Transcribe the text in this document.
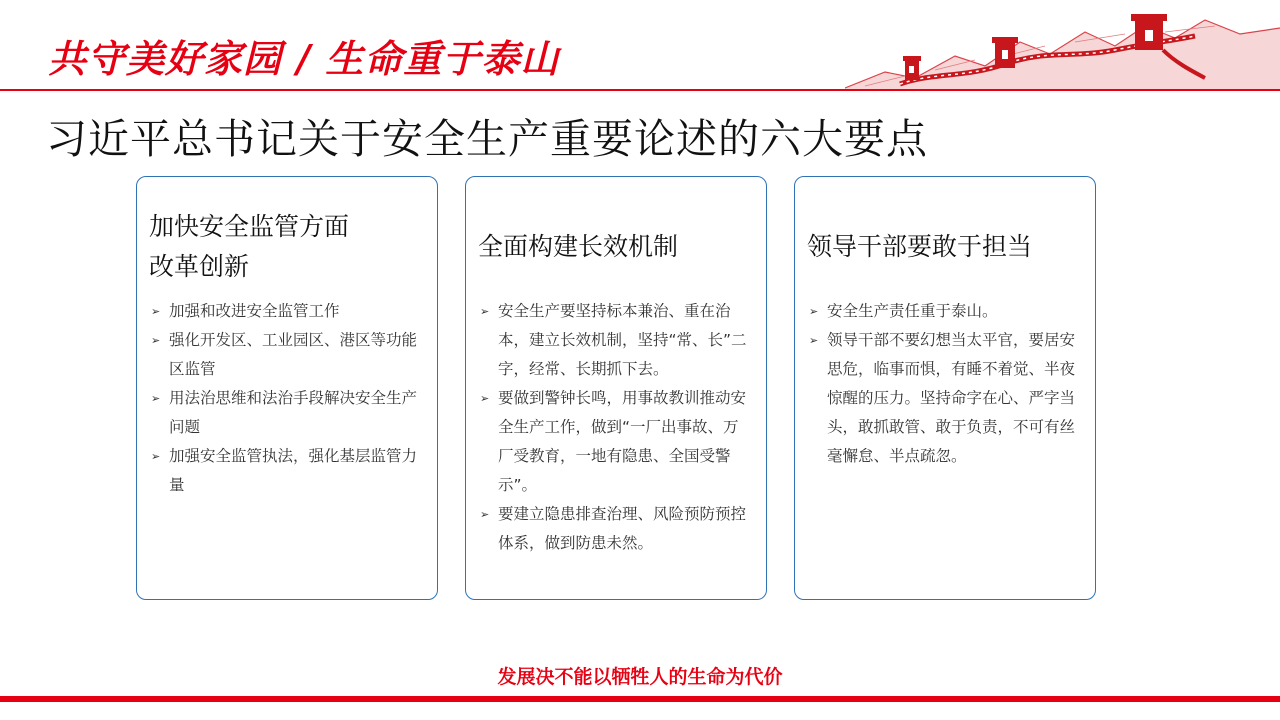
共守美好家园 / 生命重于泰山
习近平总书记关于安全生产重要论述的六大要点
加快安全监管方面改革创新

➢ 加强和改进安全监管工作

➢ 强化开发区、工业园区、港区等功能区监管

➢ 用法治思维和法治手段解决安全生产问题

➢ 加强安全监管执法，强化基层监管力量

全面构建长效机制

➢ 安全生产要坚持标本兼治、重在治本，建立长效机制，坚持“常、长”二字，经常、长期抓下去。

➢ 要做到警钟长鸣，用事故教训推动安全生产工作，做到“一厂出事故、万厂受教育，一地有隐患、全国受警示”。

➢ 要建立隐患排查治理、风险预防预控体系，做到防患未然。

领导干部要敢于担当

➢ 安全生产责任重于泰山。

➢ 领导干部不要幻想当太平官，要居安思危，临事而惧，有睡不着觉、半夜惊醒的压力。坚持命字在心、严字当头，敢抓敢管、敢于负责，不可有丝毫懈怠、半点疏忽。

发展决不能以牺牲人的生命为代价
